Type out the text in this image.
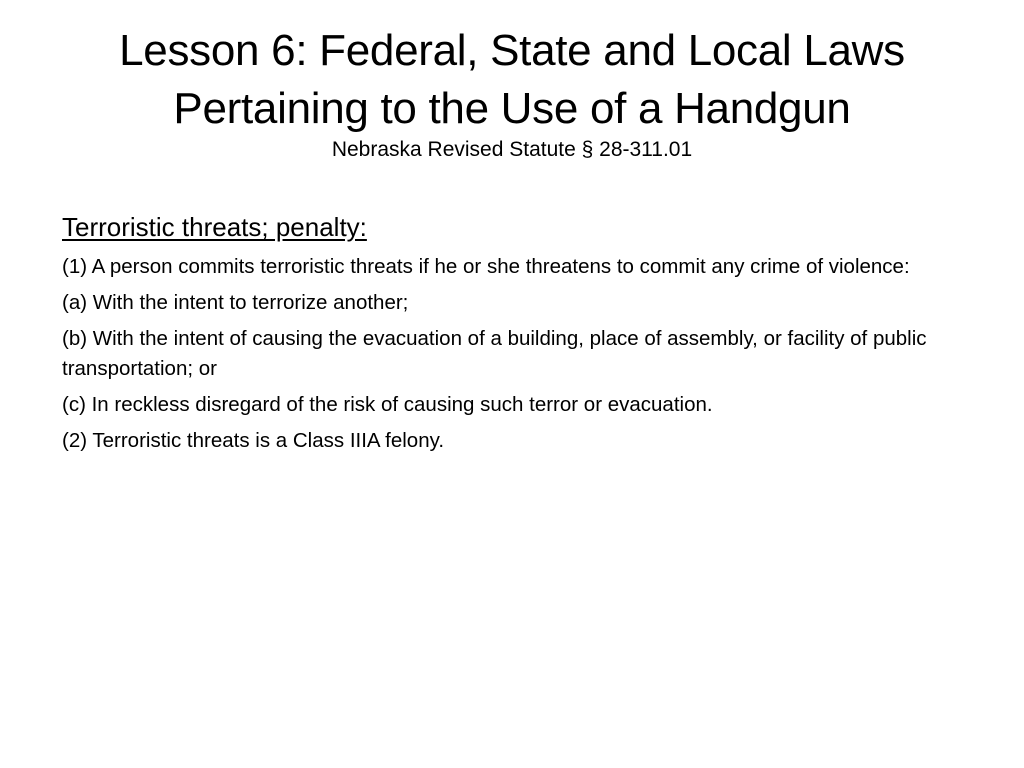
Lesson 6: Federal, State and Local Laws
Pertaining to the Use of a Handgun
Nebraska Revised Statute § 28-311.01
Terroristic threats; penalty:

(1) A person commits terroristic threats if he or she threatens to commit any crime of violence:

(a) With the intent to terrorize another;

(b) With the intent of causing the evacuation of a building, place of assembly, or facility of public transportation; or

(c) In reckless disregard of the risk of causing such terror or evacuation.

(2) Terroristic threats is a Class IIIA felony.
